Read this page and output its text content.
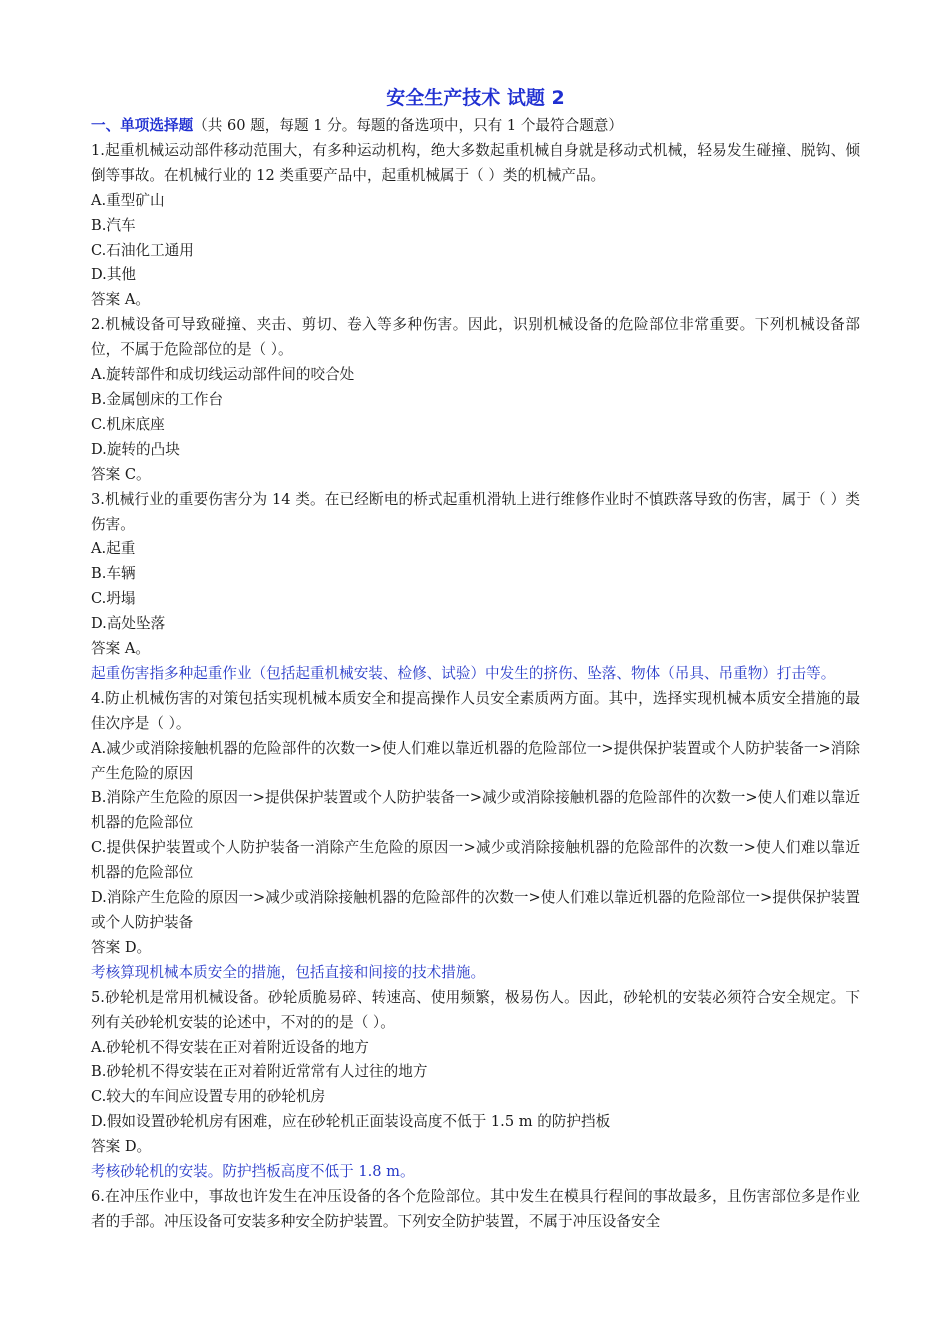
安全生产技术 试题 2
一、单项选择题（共 60 题，每题 1 分。每题的备选项中，只有 1 个最符合题意）
1.起重机械运动部件移动范围大，有多种运动机构，绝大多数起重机械自身就是移动式机械，轻易发生碰撞、脱钩、倾倒等事故。在机械行业的 12 类重要产品中，起重机械属于（ ）类的机械产品。
A.重型矿山
B.汽车
C.石油化工通用
D.其他
答案 A。
2.机械设备可导致碰撞、夹击、剪切、卷入等多种伤害。因此，识别机械设备的危险部位非常重要。下列机械设备部位，不属于危险部位的是（ ）。
A.旋转部件和成切线运动部件间的咬合处
B.金属刨床的工作台
C.机床底座
D.旋转的凸块
答案 C。
3.机械行业的重要伤害分为 14 类。在已经断电的桥式起重机滑轨上进行维修作业时不慎跌落导致的伤害，属于（ ）类伤害。
A.起重
B.车辆
C.坍塌
D.高处坠落
答案 A。
起重伤害指多种起重作业（包括起重机械安装、检修、试验）中发生的挤伤、坠落、物体（吊具、吊重物）打击等。
4.防止机械伤害的对策包括实现机械本质安全和提高操作人员安全素质两方面。其中，选择实现机械本质安全措施的最佳次序是（ ）。
A.减少或消除接触机器的危险部件的次数一>使人们难以靠近机器的危险部位一>提供保护装置或个人防护装备一>消除产生危险的原因
B.消除产生危险的原因一>提供保护装置或个人防护装备一>减少或消除接触机器的危险部件的次数一>使人们难以靠近机器的危险部位
C.提供保护装置或个人防护装备一消除产生危险的原因一>减少或消除接触机器的危险部件的次数一>使人们难以靠近机器的危险部位
D.消除产生危险的原因一>减少或消除接触机器的危险部件的次数一>使人们难以靠近机器的危险部位一>提供保护装置或个人防护装备
答案 D。
考核算现机械本质安全的措施，包括直接和间接的技术措施。
5.砂轮机是常用机械设备。砂轮质脆易碎、转速高、使用频繁，极易伤人。因此，砂轮机的安装必须符合安全规定。下列有关砂轮机安装的论述中，不对的的是（ ）。
A.砂轮机不得安装在正对着附近设备的地方
B.砂轮机不得安装在正对着附近常常有人过往的地方
C.较大的车间应设置专用的砂轮机房
D.假如设置砂轮机房有困难，应在砂轮机正面装设高度不低于 1.5 m 的防护挡板
答案 D。
考核砂轮机的安装。防护挡板高度不低于 1.8 m。
6.在冲压作业中，事故也许发生在冲压设备的各个危险部位。其中发生在模具行程间的事故最多，且伤害部位多是作业者的手部。冲压设备可安装多种安全防护装置。下列安全防护装置，不属于冲压设备安全
